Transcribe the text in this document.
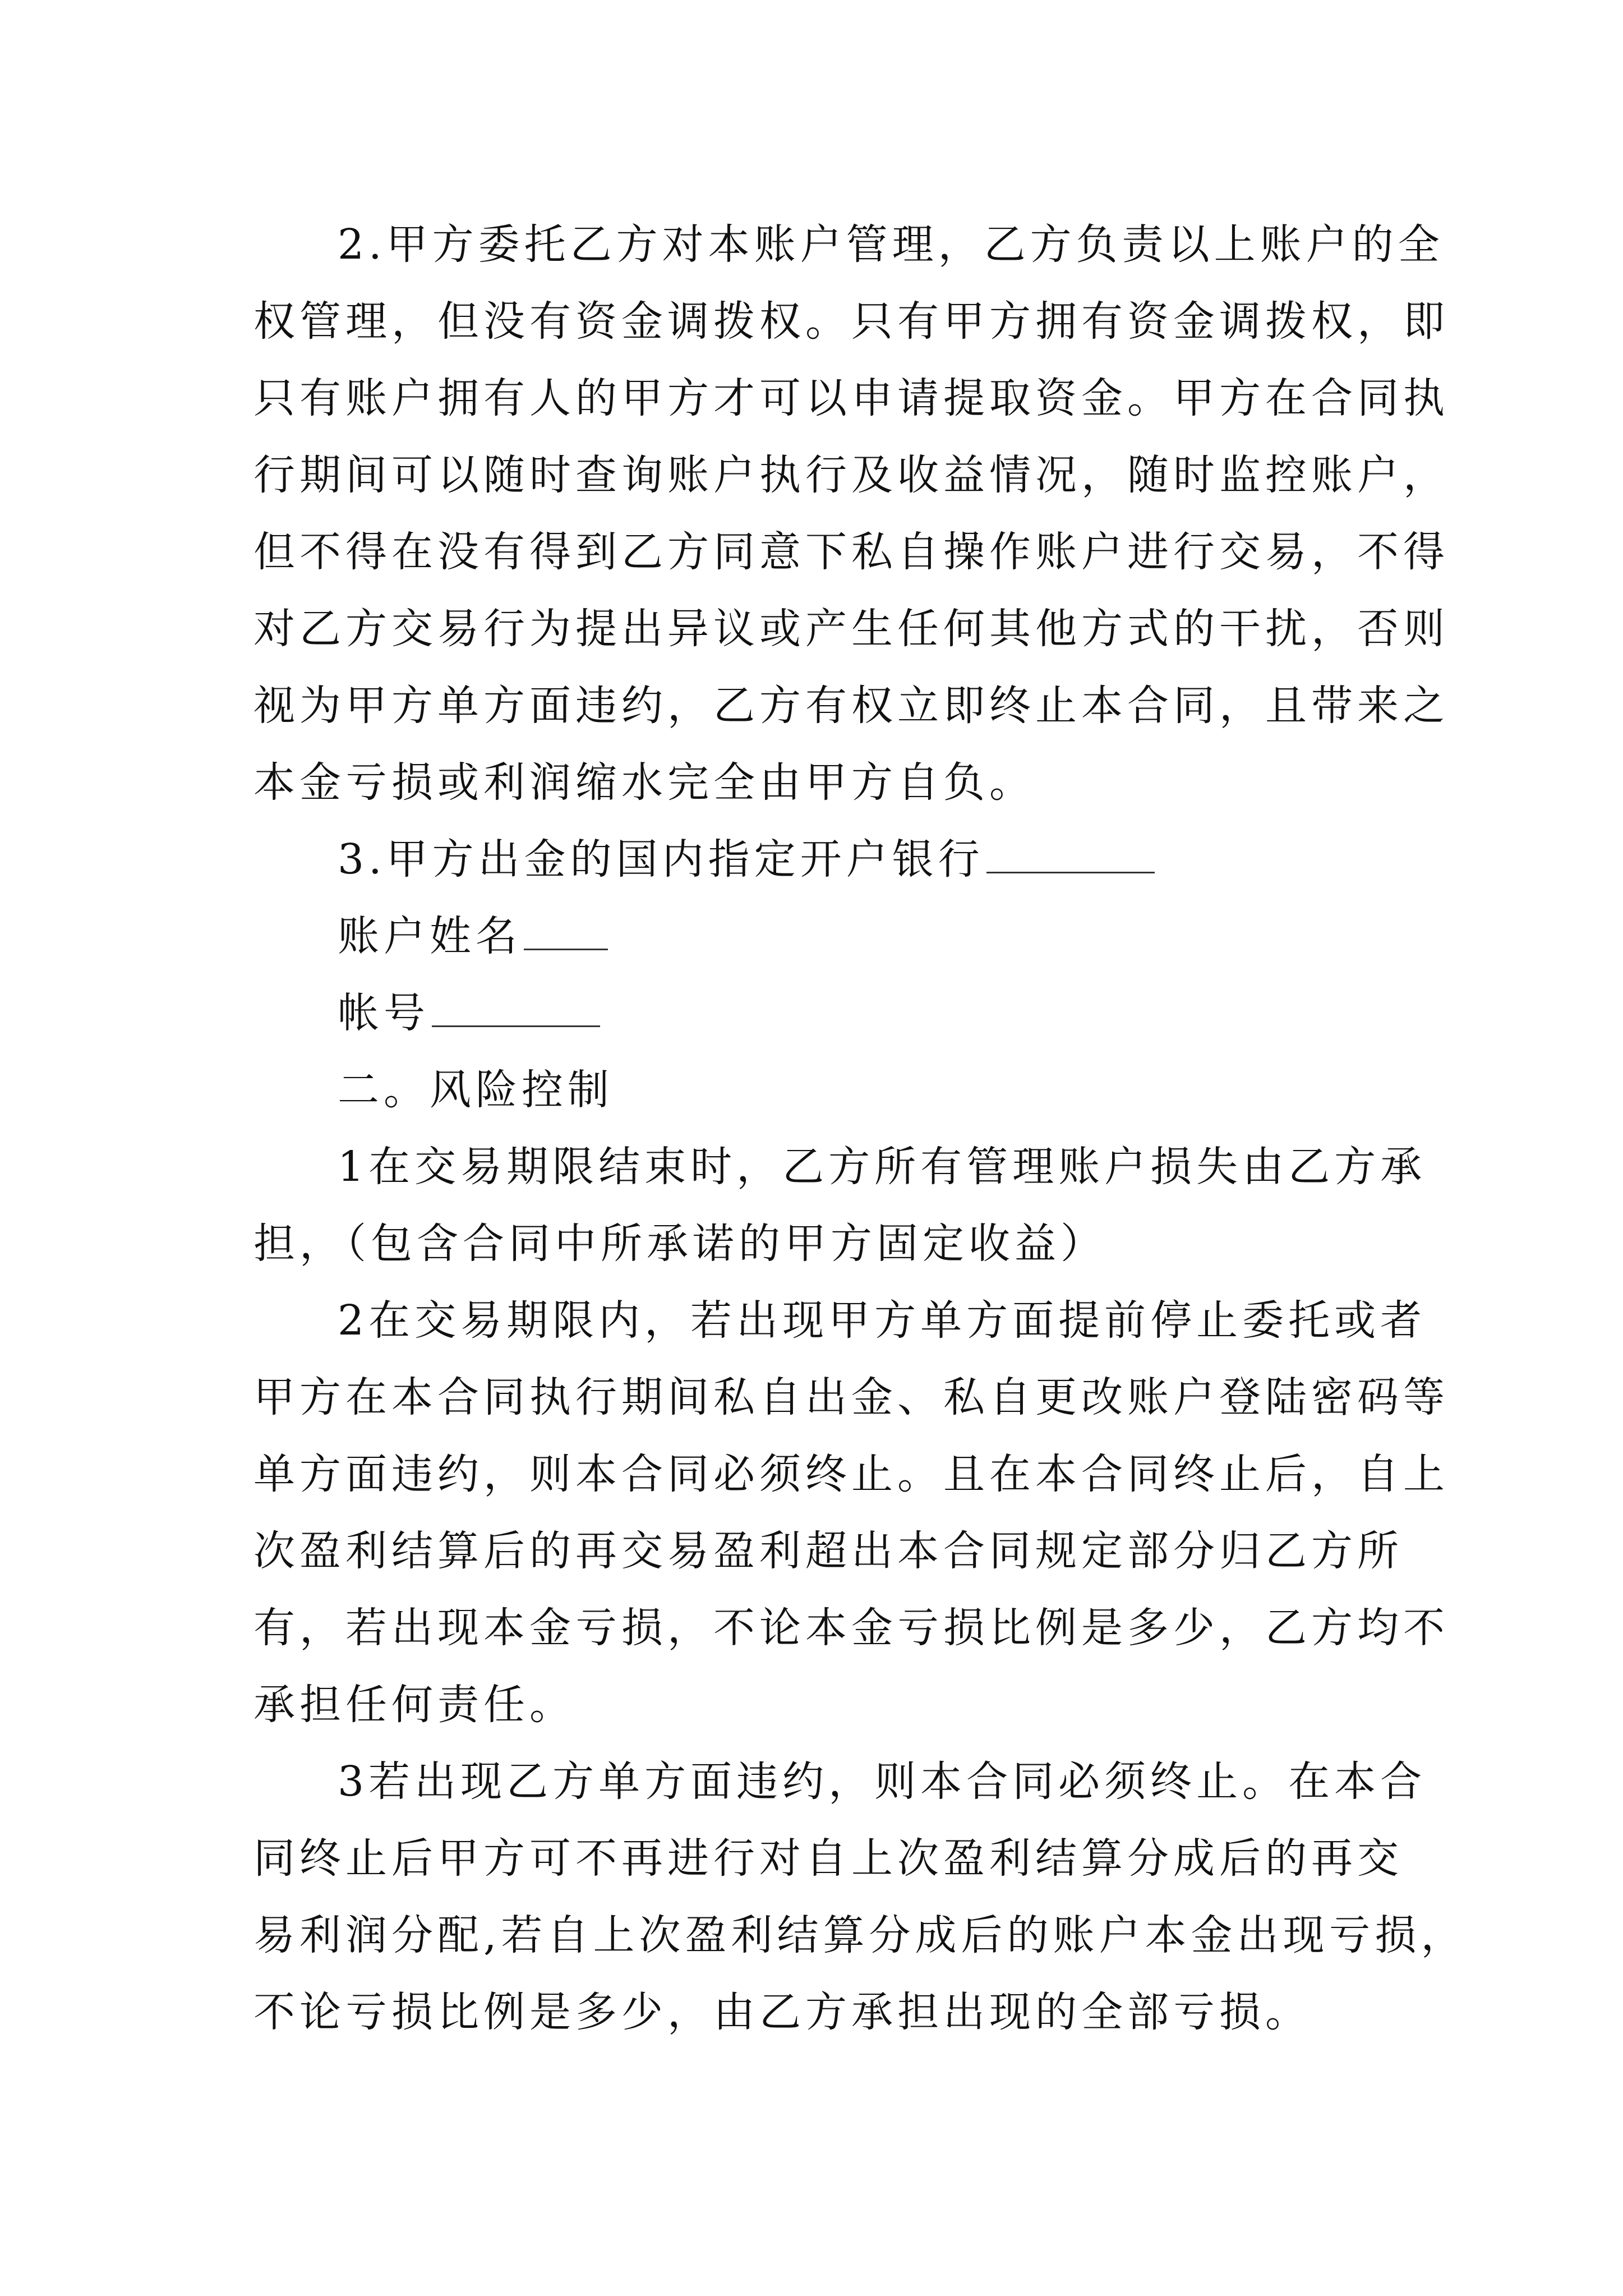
2.甲方委托乙方对本账户管理，乙方负责以上账户的全
权管理，但没有资金调拨权。只有甲方拥有资金调拨权，即
只有账户拥有人的甲方才可以申请提取资金。甲方在合同执
行期间可以随时查询账户执行及收益情况，随时监控账户，
但不得在没有得到乙方同意下私自操作账户进行交易，不得
对乙方交易行为提出异议或产生任何其他方式的干扰，否则
视为甲方单方面违约，乙方有权立即终止本合同，且带来之
本金亏损或利润缩水完全由甲方自负。
3.甲方出金的国内指定开户银行
账户姓名
帐号
二。风险控制
1在交易期限结束时，乙方所有管理账户损失由乙方承
担，（包含合同中所承诺的甲方固定收益）
2在交易期限内，若出现甲方单方面提前停止委托或者
甲方在本合同执行期间私自出金、私自更改账户登陆密码等
单方面违约，则本合同必须终止。且在本合同终止后，自上
次盈利结算后的再交易盈利超出本合同规定部分归乙方所
有，若出现本金亏损，不论本金亏损比例是多少，乙方均不
承担任何责任。
3若出现乙方单方面违约，则本合同必须终止。在本合
同终止后甲方可不再进行对自上次盈利结算分成后的再交
易利润分配,若自上次盈利结算分成后的账户本金出现亏损，
不论亏损比例是多少，由乙方承担出现的全部亏损。
